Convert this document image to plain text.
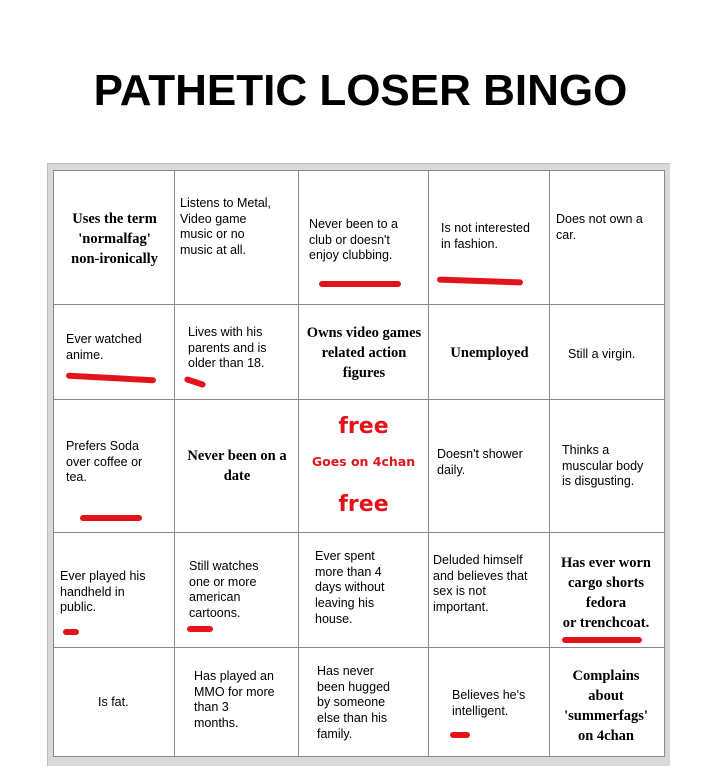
PATHETIC LOSER BINGO
Uses the term
'normalfag'
non-ironically
Listens to Metal,
Video game
music or no
music at all.
Never been to a
club or doesn't
enjoy clubbing.
Is not interested
in fashion.
Does not own a
car.
Ever watched
anime.
Lives with his
parents and is
older than 18.
Owns video games
related action
figures
Unemployed	Still a virgin.
Prefers Soda
over coffee or
tea.
Never been on a
date
free
Goes on 4chan
free
Doesn't shower
daily.
Thinks a
muscular body
is disgusting.
Ever played his
handheld in
public.
Still watches
one or more
american
cartoons.
Ever spent
more than 4
days without
leaving his
house.
Deluded himself
and believes that
sex is not
important.
Has ever worn
cargo shorts
fedora
or trenchcoat.
Is fat.
Has played an
MMO for more
than 3
months.
Has never
been hugged
by someone
else than his
family.
Believes he's
intelligent.
Complains
about
'summerfags'
on 4chan
